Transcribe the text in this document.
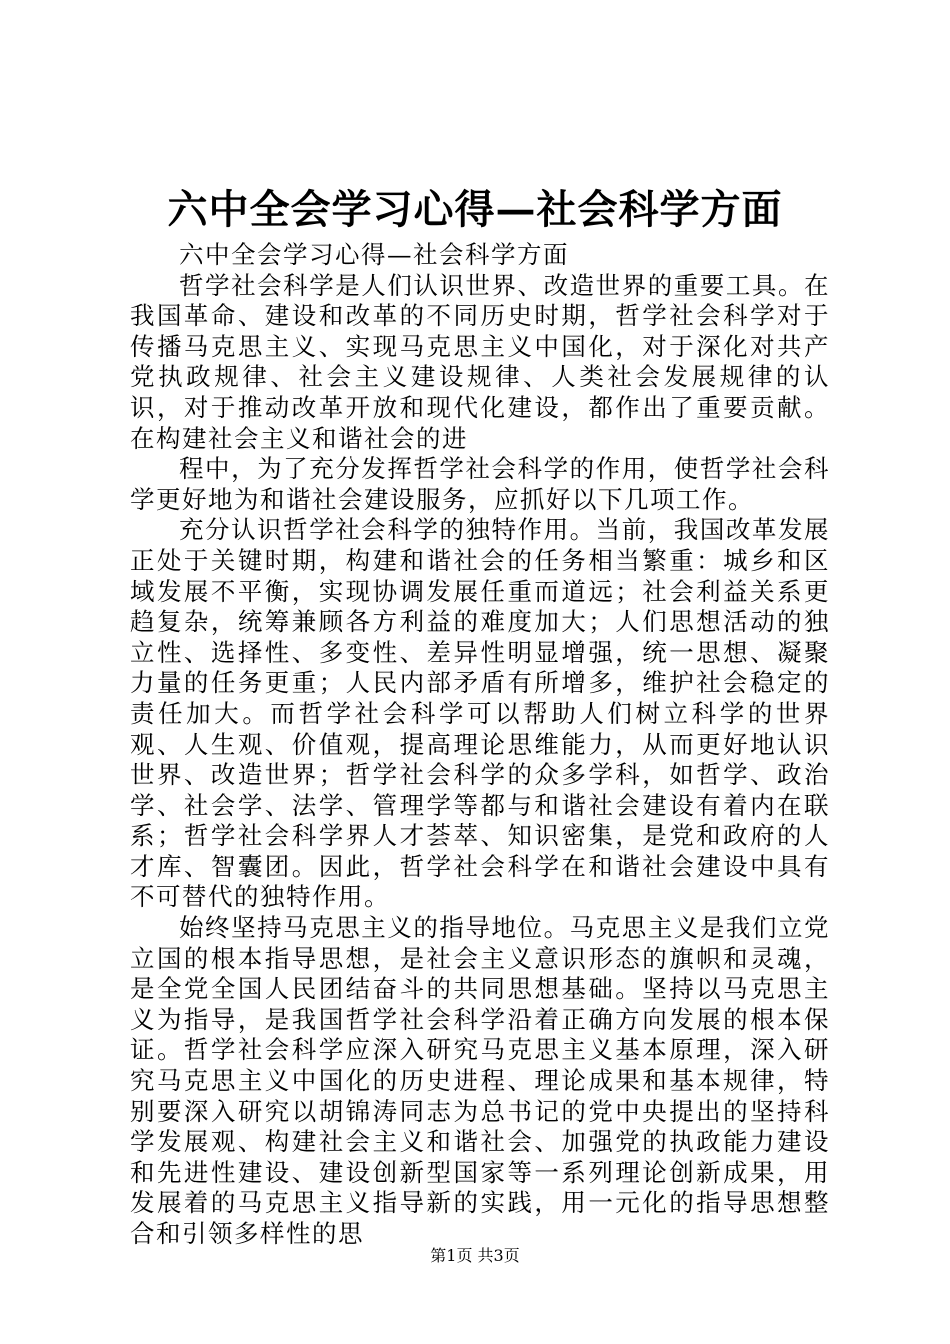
六中全会学习心得—社会科学方面

六中全会学习心得—社会科学方面

哲学社会科学是人们认识世界、改造世界的重要工具。在我国革命、建设和改革的不同历史时期，哲学社会科学对于传播马克思主义、实现马克思主义中国化，对于深化对共产党执政规律、社会主义建设规律、人类社会发展规律的认识，对于推动改革开放和现代化建设，都作出了重要贡献。在构建社会主义和谐社会的进

程中，为了充分发挥哲学社会科学的作用，使哲学社会科学更好地为和谐社会建设服务，应抓好以下几项工作。

充分认识哲学社会科学的独特作用。当前，我国改革发展正处于关键时期，构建和谐社会的任务相当繁重：城乡和区域发展不平衡，实现协调发展任重而道远；社会利益关系更趋复杂，统筹兼顾各方利益的难度加大；人们思想活动的独立性、选择性、多变性、差异性明显增强，统一思想、凝聚力量的任务更重；人民内部矛盾有所增多，维护社会稳定的责任加大。而哲学社会科学可以帮助人们树立科学的世界观、人生观、价值观，提高理论思维能力，从而更好地认识世界、改造世界；哲学社会科学的众多学科，如哲学、政治学、社会学、法学、管理学等都与和谐社会建设有着内在联系；哲学社会科学界人才荟萃、知识密集，是党和政府的人才库、智囊团。因此，哲学社会科学在和谐社会建设中具有不可替代的独特作用。

始终坚持马克思主义的指导地位。马克思主义是我们立党立国的根本指导思想，是社会主义意识形态的旗帜和灵魂，是全党全国人民团结奋斗的共同思想基础。坚持以马克思主义为指导，是我国哲学社会科学沿着正确方向发展的根本保证。哲学社会科学应深入研究马克思主义基本原理，深入研究马克思主义中国化的历史进程、理论成果和基本规律，特别要深入研究以胡锦涛同志为总书记的党中央提出的坚持科学发展观、构建社会主义和谐社会、加强党的执政能力建设和先进性建设、建设创新型国家等一系列理论创新成果，用发展着的马克思主义指导新的实践，用一元化的指导思想整合和引领多样性的思

第1页 共3页
